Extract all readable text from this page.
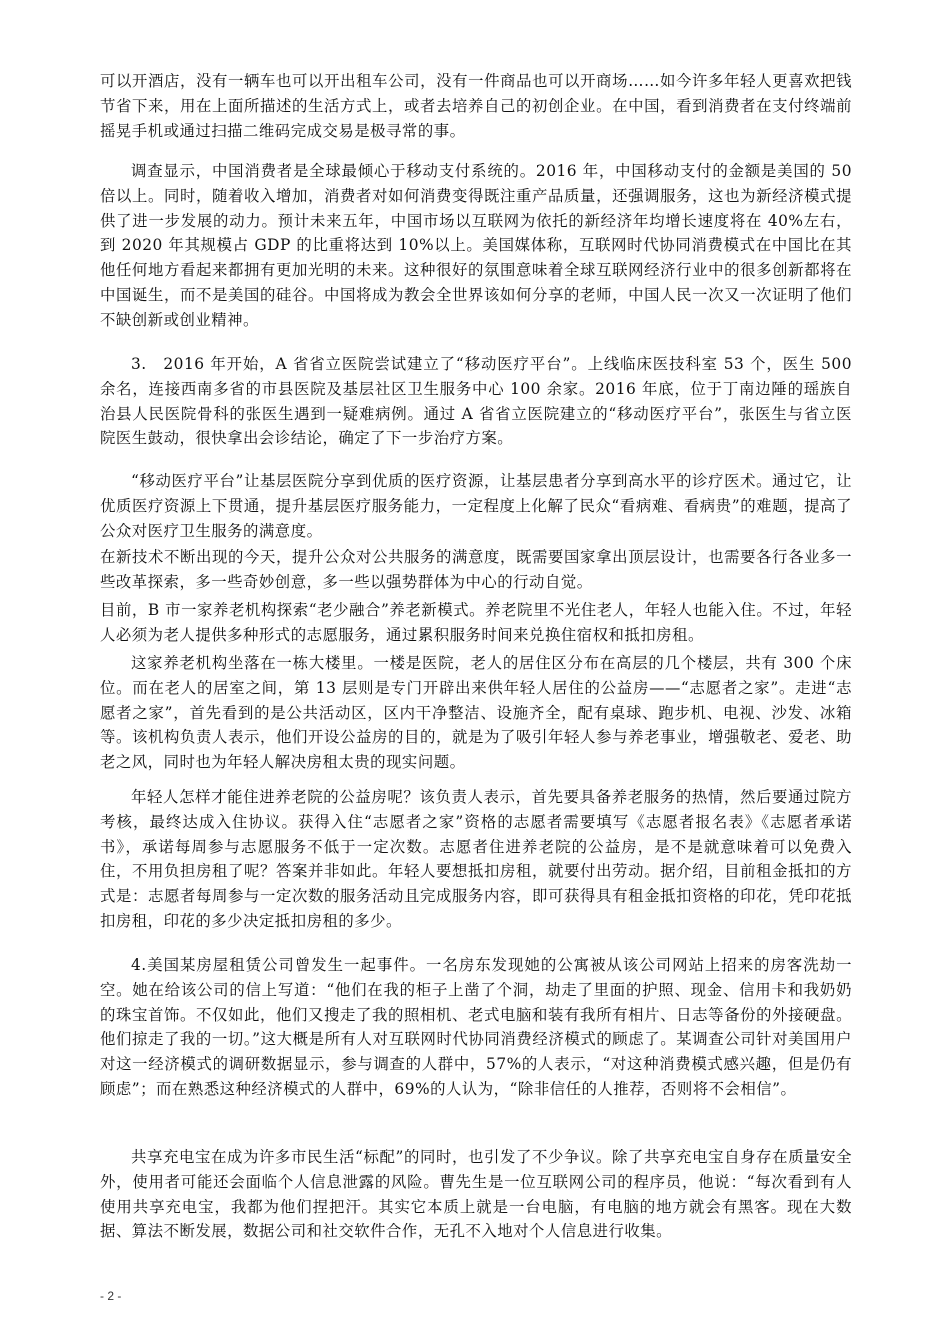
可以开酒店，没有一辆车也可以开出租车公司，没有一件商品也可以开商场……如今许多年轻人更喜欢把钱节省下来，用在上面所描述的生活方式上，或者去培养自己的初创企业。在中国，看到消费者在支付终端前摇晃手机或通过扫描二维码完成交易是极寻常的事。

调查显示，中国消费者是全球最倾心于移动支付系统的。2016 年，中国移动支付的金额是美国的 50 倍以上。同时，随着收入增加，消费者对如何消费变得既注重产品质量，还强调服务，这也为新经济模式提供了进一步发展的动力。预计未来五年，中国市场以互联网为依托的新经济年均增长速度将在 40%左右，到 2020 年其规模占 GDP 的比重将达到 10%以上。美国媒体称，互联网时代协同消费模式在中国比在其他任何地方看起来都拥有更加光明的未来。这种很好的氛围意味着全球互联网经济行业中的很多创新都将在中国诞生，而不是美国的硅谷。中国将成为教会全世界该如何分享的老师，中国人民一次又一次证明了他们不缺创新或创业精神。

3.　2016 年开始，A 省省立医院尝试建立了“移动医疗平台”。上线临床医技科室 53 个，医生 500 余名，连接西南多省的市县医院及基层社区卫生服务中心 100 余家。2016 年底，位于丁南边陲的瑶族自治县人民医院骨科的张医生遇到一疑难病例。通过 A 省省立医院建立的“移动医疗平台”，张医生与省立医院医生鼓动，很快拿出会诊结论，确定了下一步治疗方案。

“移动医疗平台”让基层医院分享到优质的医疗资源，让基层患者分享到高水平的诊疗医术。通过它，让优质医疗资源上下贯通，提升基层医疗服务能力，一定程度上化解了民众“看病难、看病贵”的难题，提高了公众对医疗卫生服务的满意度。

在新技术不断出现的今天，提升公众对公共服务的满意度，既需要国家拿出顶层设计，也需要各行各业多一些改革探索，多一些奇妙创意，多一些以强势群体为中心的行动自觉。

目前，B 市一家养老机构探索“老少融合”养老新模式。养老院里不光住老人，年轻人也能入住。不过，年轻人必须为老人提供多种形式的志愿服务，通过累积服务时间来兑换住宿权和抵扣房租。

这家养老机构坐落在一栋大楼里。一楼是医院，老人的居住区分布在高层的几个楼层，共有 300 个床位。而在老人的居室之间，第 13 层则是专门开辟出来供年轻人居住的公益房——“志愿者之家”。走进“志愿者之家”，首先看到的是公共活动区，区内干净整洁、设施齐全，配有桌球、跑步机、电视、沙发、冰箱等。该机构负责人表示，他们开设公益房的目的，就是为了吸引年轻人参与养老事业，增强敬老、爱老、助老之风，同时也为年轻人解决房租太贵的现实问题。

年轻人怎样才能住进养老院的公益房呢？该负责人表示，首先要具备养老服务的热情，然后要通过院方考核，最终达成入住协议。获得入住“志愿者之家”资格的志愿者需要填写《志愿者报名表》《志愿者承诺书》，承诺每周参与志愿服务不低于一定次数。志愿者住进养老院的公益房，是不是就意味着可以免费入住，不用负担房租了呢？答案并非如此。年轻人要想抵扣房租，就要付出劳动。据介绍，目前租金抵扣的方式是：志愿者每周参与一定次数的服务活动且完成服务内容，即可获得具有租金抵扣资格的印花，凭印花抵扣房租，印花的多少决定抵扣房租的多少。

4.美国某房屋租赁公司曾发生一起事件。一名房东发现她的公寓被从该公司网站上招来的房客洗劫一空。她在给该公司的信上写道：“他们在我的柜子上凿了个洞，劫走了里面的护照、现金、信用卡和我奶奶的珠宝首饰。不仅如此，他们又搜走了我的照相机、老式电脑和装有我所有相片、日志等备份的外接硬盘。他们掠走了我的一切。”这大概是所有人对互联网时代协同消费经济模式的顾虑了。某调查公司针对美国用户对这一经济模式的调研数据显示，参与调查的人群中，57%的人表示，“对这种消费模式感兴趣，但是仍有顾虑”；而在熟悉这种经济模式的人群中，69%的人认为，“除非信任的人推荐，否则将不会相信”。

共享充电宝在成为许多市民生活“标配”的同时，也引发了不少争议。除了共享充电宝自身存在质量安全外，使用者可能还会面临个人信息泄露的风险。曹先生是一位互联网公司的程序员，他说：“每次看到有人使用共享充电宝，我都为他们捏把汗。其实它本质上就是一台电脑，有电脑的地方就会有黑客。现在大数据、算法不断发展，数据公司和社交软件合作，无孔不入地对个人信息进行收集。

- 2 -
